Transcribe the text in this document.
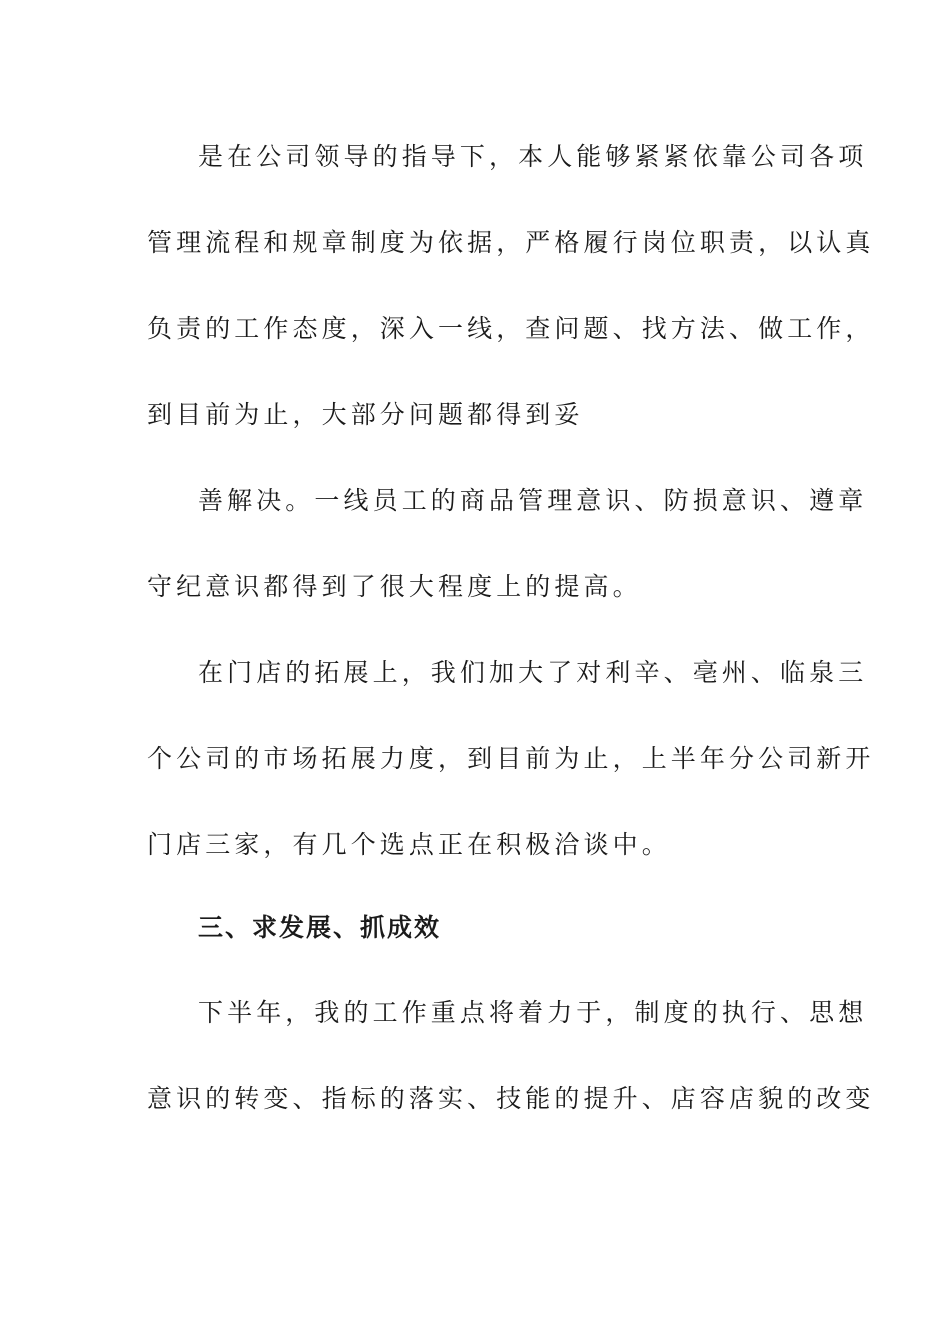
是在公司领导的指导下，本人能够紧紧依靠公司各项
管理流程和规章制度为依据，严格履行岗位职责，以认真
负责的工作态度，深入一线，查问题、找方法、做工作，
到目前为止，大部分问题都得到妥
善解决。一线员工的商品管理意识、防损意识、遵章
守纪意识都得到了很大程度上的提高。
在门店的拓展上，我们加大了对利辛、亳州、临泉三
个公司的市场拓展力度，到目前为止，上半年分公司新开
门店三家，有几个选点正在积极洽谈中。
三、求发展、抓成效
下半年，我的工作重点将着力于，制度的执行、思想
意识的转变、指标的落实、技能的提升、店容店貌的改变
